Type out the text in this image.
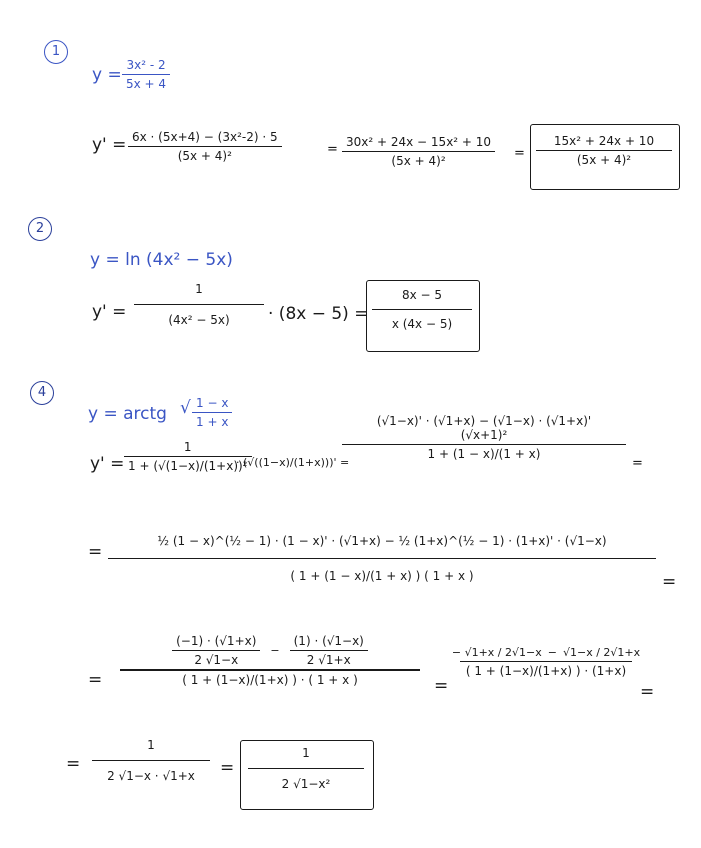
1
y = 3x² - 2
5x + 4
y' = 6x · (5x+4) − (3x²-2) · 5
(5x + 4)²	= 30x² + 24x − 15x² + 10
(5x + 4)²
=
15x² + 24x + 10
(5x + 4)²
2
y = ln (4x² − 5x)
y' =
1
(4x² − 5x) · (8x − 5) =
8x − 5
x (4x − 5)
4
y = arctg √ 1 − x
1 + x
y' =
1
1 + (√(1−x)/(1+x))²
· (√((1−x)/(1+x)))' =
(√1−x)' · (√1+x) − (√1−x) · (√1+x)'
(√x+1)²
1 + (1 − x)/(1 + x)
=
=
½ (1 − x)^(½ − 1) · (1 − x)' · (√1+x) − ½ (1+x)^(½ − 1) · (1+x)' · (√1−x)
( 1 + (1 − x)/(1 + x) ) ( 1 + x )	=
=
$\frac{(-1) \cdot (√1+x)}{2 √1-x} - \frac{(1) \cdot (√1-x)}{2 √1+x}$
( 1 + (1−x)/(1+x) ) · ( 1 + x )	=
− √1+x / 2√1−x − √1−x / 2√1+x
( 1 + (1−x)/(1+x) ) · (1+x)
=
=
1
2 √1−x · √1+x =
1
2 √1−x²
